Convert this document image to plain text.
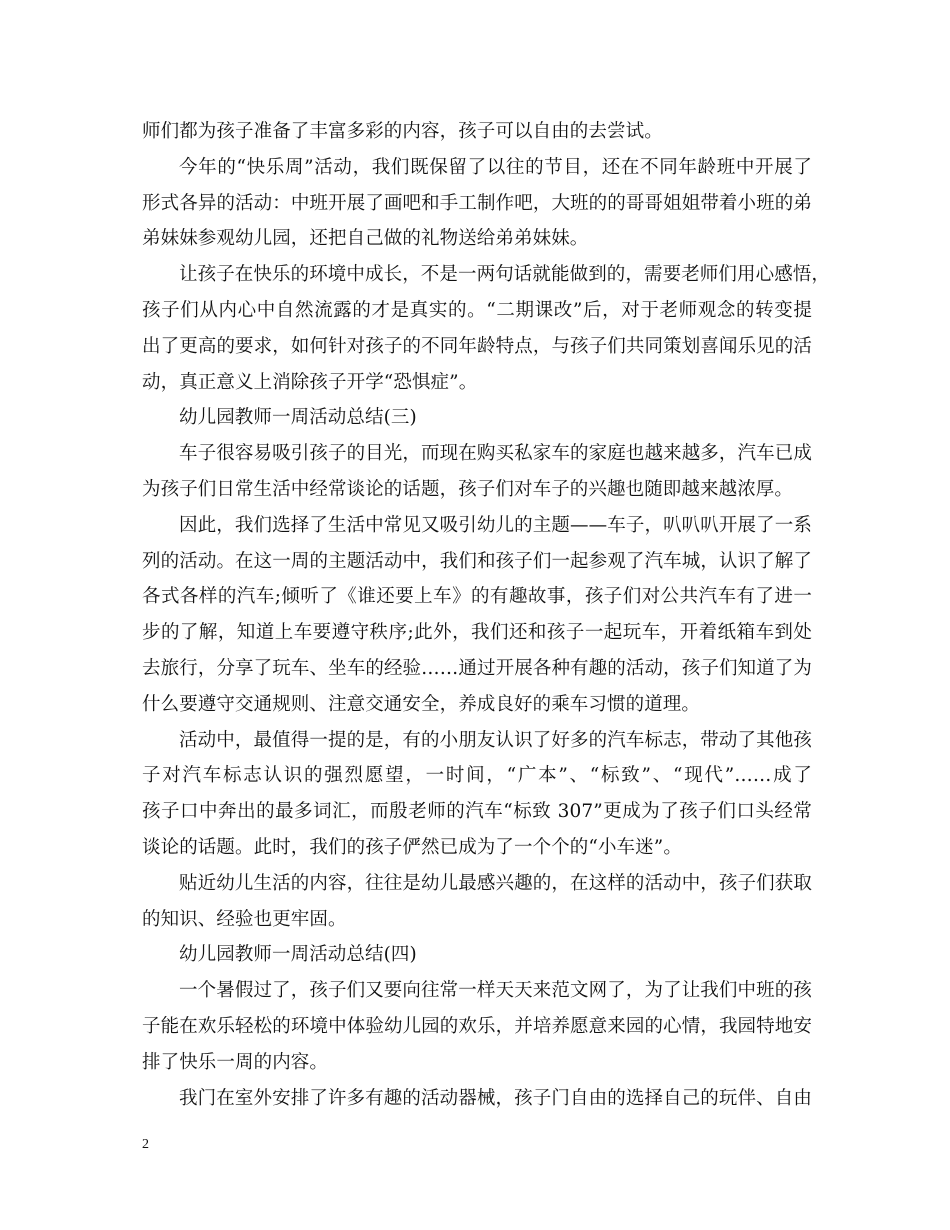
师们都为孩子准备了丰富多彩的内容，孩子可以自由的去尝试。
今年的“快乐周”活动，我们既保留了以往的节目，还在不同年龄班中开展了
形式各异的活动：中班开展了画吧和手工制作吧，大班的的哥哥姐姐带着小班的弟
弟妹妹参观幼儿园，还把自己做的礼物送给弟弟妹妹。
让孩子在快乐的环境中成长，不是一两句话就能做到的，需要老师们用心感悟，
孩子们从内心中自然流露的才是真实的。“二期课改”后，对于老师观念的转变提
出了更高的要求，如何针对孩子的不同年龄特点，与孩子们共同策划喜闻乐见的活
动，真正意义上消除孩子开学“恐惧症”。
幼儿园教师一周活动总结(三)
车子很容易吸引孩子的目光，而现在购买私家车的家庭也越来越多，汽车已成
为孩子们日常生活中经常谈论的话题，孩子们对车子的兴趣也随即越来越浓厚。
因此，我们选择了生活中常见又吸引幼儿的主题——车子，叭叭叭开展了一系
列的活动。在这一周的主题活动中，我们和孩子们一起参观了汽车城，认识了解了
各式各样的汽车;倾听了《谁还要上车》的有趣故事，孩子们对公共汽车有了进一
步的了解，知道上车要遵守秩序;此外，我们还和孩子一起玩车，开着纸箱车到处
去旅行，分享了玩车、坐车的经验……通过开展各种有趣的活动，孩子们知道了为
什么要遵守交通规则、注意交通安全，养成良好的乘车习惯的道理。
活动中，最值得一提的是，有的小朋友认识了好多的汽车标志，带动了其他孩
子对汽车标志认识的强烈愿望，一时间，“广本”、“标致”、“现代”……成了
孩子口中奔出的最多词汇，而殷老师的汽车“标致 307”更成为了孩子们口头经常
谈论的话题。此时，我们的孩子俨然已成为了一个个的“小车迷”。
贴近幼儿生活的内容，往往是幼儿最感兴趣的，在这样的活动中，孩子们获取
的知识、经验也更牢固。
幼儿园教师一周活动总结(四)
一个暑假过了，孩子们又要向往常一样天天来范文网了，为了让我们中班的孩
子能在欢乐轻松的环境中体验幼儿园的欢乐，并培养愿意来园的心情，我园特地安
排了快乐一周的内容。
我门在室外安排了许多有趣的活动器械，孩子门自由的选择自己的玩伴、自由
2
